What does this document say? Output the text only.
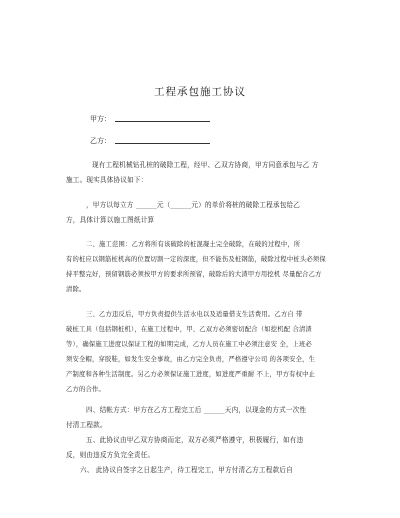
工程承包施工协议
甲方：
乙方：
现有工程机械钻孔桩的破除工程，经甲、乙双方协商，甲方同意承包与乙 方
施工。现实具体协议如下：
，甲方以每立方 ______元（______元）的单价将桩的破除工程承包给乙
方，具体计算以施工图纸计算
二、施工范围：乙方将所有该破除的桩混凝土完全破除，在破的过程中，所
有的桩应以钢筋桩机高的位置切割一定的深度，但不能伤及桩钢筋，破除过程中桩头必须保
持平整完好，预留钢筋必须按甲方的要求所预留，破除后的大渣甲方用挖机 尽量配合乙方
清除。
三、乙方违反后，甲方负责提供生活水电以及适量借支生活费用。乙方自 带
破桩工具（包括钢桩机），在施工过程中，甲、乙双方必须密切配合（如挖机配 合清渣
等），确保施工进度以保证工程的如期完成，乙方人员在施工中必须注意安 全，上班必
须安全帽，穿胶鞋，如发生安全事故，由乙方完全负责，严格遵守公司 的各项安全，生
产制度和各种生活制度。另乙方必须保证施工进度，如进度严重耐 不上，甲方有权中止
乙方的合作。
四、结帐方式：甲方在乙方工程完工后 ______天内，以现金的方式一次性
付清工程款。
五、此协议由甲乙双方协商而定，双方必须严格遵守，积极履行，如有违
反，则由违反方负完全责任。
六、 此协议自签字之日起生产，待工程完工，甲方付清乙方工程款后自
